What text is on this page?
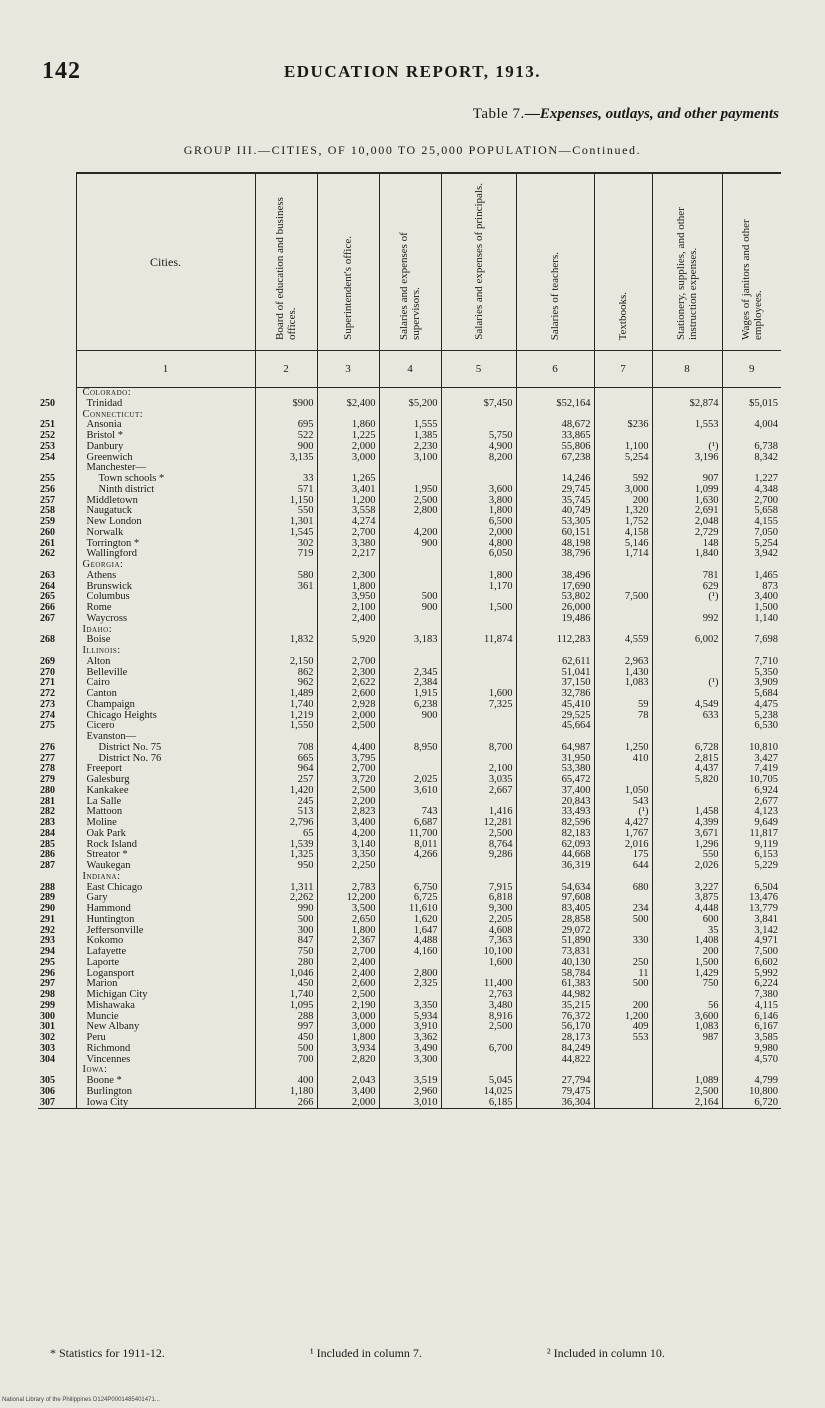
142	EDUCATION REPORT, 1913.
Table 7.—Expenses, outlays, and other payments
GROUP III.—CITIES, OF 10,000 TO 25,000 POPULATION—Continued.
	Cities.	Board of education and business offices.	Superintendent's office.	Salaries and expenses of supervisors.	Salaries and expenses of principals.	Salaries of teachers.	Textbooks.	Stationery, supplies, and other instruction expenses.	Wages of janitors and other employees.

	1	2	3	4	5	6	7	8	9
	Colorado:								
250	Trinidad	$900	$2,400	$5,200	$7,450	$52,164		$2,874	$5,015
	Connecticut:								
251	Ansonia	695	1,860	1,555		48,672	$236	1,553	4,004
252	Bristol *	522	1,225	1,385	5,750	33,865			
253	Danbury	900	2,000	2,230	4,900	55,806	1,100	(¹)	6,738
254	Greenwich	3,135	3,000	3,100	8,200	67,238	5,254	3,196	8,342
	Manchester—								
255	Town schools *	33	1,265			14,246	592	907	1,227
256	Ninth district	571	3,401	1,950	3,600	29,745	3,000	1,099	4,348
257	Middletown	1,150	1,200	2,500	3,800	35,745	200	1,630	2,700
258	Naugatuck	550	3,558	2,800	1,800	40,749	1,320	2,691	5,658
259	New London	1,301	4,274		6,500	53,305	1,752	2,048	4,155
260	Norwalk	1,545	2,700	4,200	2,000	60,151	4,158	2,729	7,050
261	Torrington *	302	3,380	900	4,800	48,198	5,146	148	5,254
262	Wallingford	719	2,217		6,050	38,796	1,714	1,840	3,942
	Georgia:								
263	Athens	580	2,300		1,800	38,496		781	1,465
264	Brunswick	361	1,800		1,170	17,690		629	873
265	Columbus		3,950	500		53,802	7,500	(¹)	3,400
266	Rome		2,100	900	1,500	26,000			1,500
267	Waycross		2,400			19,486		992	1,140
	Idaho:								
268	Boise	1,832	5,920	3,183	11,874	112,283	4,559	6,002	7,698
	Illinois:								
269	Alton	2,150	2,700			62,611	2,963		7,710
270	Belleville	862	2,300	2,345		51,041	1,430		5,350
271	Cairo	962	2,622	2,384		37,150	1,083	(¹)	3,909
272	Canton	1,489	2,600	1,915	1,600	32,786			5,684
273	Champaign	1,740	2,928	6,238	7,325	45,410	59	4,549	4,475
274	Chicago Heights	1,219	2,000	900		29,525	78	633	5,238
275	Cicero	1,550	2,500			45,664			6,530
	Evanston—								
276	District No. 75	708	4,400	8,950	8,700	64,987	1,250	6,728	10,810
277	District No. 76	665	3,795			31,950	410	2,815	3,427
278	Freeport	964	2,700		2,100	53,380		4,437	7,419
279	Galesburg	257	3,720	2,025	3,035	65,472		5,820	10,705
280	Kankakee	1,420	2,500	3,610	2,667	37,400	1,050		6,924
281	La Salle	245	2,200			20,843	543		2,677
282	Mattoon	513	2,823	743	1,416	33,493	(¹)	1,458	4,123
283	Moline	2,796	3,400	6,687	12,281	82,596	4,427	4,399	9,649
284	Oak Park	65	4,200	11,700	2,500	82,183	1,767	3,671	11,817
285	Rock Island	1,539	3,140	8,011	8,764	62,093	2,016	1,296	9,119
286	Streator *	1,325	3,350	4,266	9,286	44,668	175	550	6,153
287	Waukegan	950	2,250			36,319	644	2,026	5,229
	Indiana:								
288	East Chicago	1,311	2,783	6,750	7,915	54,634	680	3,227	6,504
289	Gary	2,262	12,200	6,725	6,818	97,608		3,875	13,476
290	Hammond	990	3,500	11,610	9,300	83,405	234	4,448	13,779
291	Huntington	500	2,650	1,620	2,205	28,858	500	600	3,841
292	Jeffersonville	300	1,800	1,647	4,608	29,072		35	3,142
293	Kokomo	847	2,367	4,488	7,363	51,890	330	1,408	4,971
294	Lafayette	750	2,700	4,160	10,100	73,831		200	7,500
295	Laporte	280	2,400		1,600	40,130	250	1,500	6,602
296	Logansport	1,046	2,400	2,800		58,784	11	1,429	5,992
297	Marion	450	2,600	2,325	11,400	61,383	500	750	6,224
298	Michigan City	1,740	2,500		2,763	44,982			7,380
299	Mishawaka	1,095	2,190	3,350	3,480	35,215	200	56	4,115
300	Muncie	288	3,000	5,934	8,916	76,372	1,200	3,600	6,146
301	New Albany	997	3,000	3,910	2,500	56,170	409	1,083	6,167
302	Peru	450	1,800	3,362		28,173	553	987	3,585
303	Richmond	500	3,934	3,490	6,700	84,249			9,980
304	Vincennes	700	2,820	3,300		44,822			4,570
	Iowa:								
305	Boone *	400	2,043	3,519	5,045	27,794		1,089	4,799
306	Burlington	1,180	3,400	2,960	14,025	79,475		2,500	10,800
307	Iowa City	266	2,000	3,010	6,185	36,304		2,164	6,720
* Statistics for 1911-12.	¹ Included in column 7.	² Included in column 10.
National Library of the Philippines D124P0001485401471...
